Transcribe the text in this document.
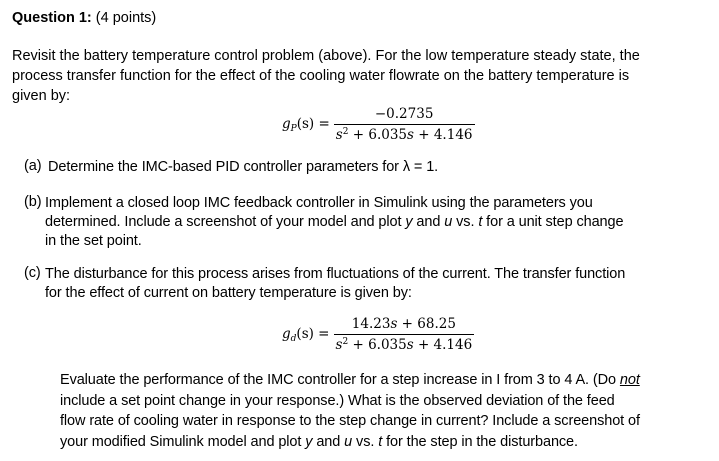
Question 1: (4 points)
Revisit the battery temperature control problem (above). For the low temperature steady state, the
process transfer function for the effect of the cooling water flowrate on the battery temperature is
given by:
$g_P(s) = \frac{-0.2735}{s^2 + 6.035s + 4.146}$
(a) Determine the IMC-based PID controller parameters for λ = 1.
(b) Implement a closed loop IMC feedback controller in Simulink using the parameters you
determined. Include a screenshot of your model and plot y and u vs. t for a unit step change
in the set point.
(c) The disturbance for this process arises from fluctuations of the current. The transfer function
for the effect of current on battery temperature is given by:
$g_d(s) = \frac{14.23s + 68.25}{s^2 + 6.035s + 4.146}$
Evaluate the performance of the IMC controller for a step increase in I from 3 to 4 A. (Do not
include a set point change in your response.) What is the observed deviation of the feed
flow rate of cooling water in response to the step change in current? Include a screenshot of
your modified Simulink model and plot y and u vs. t for the step in the disturbance.
